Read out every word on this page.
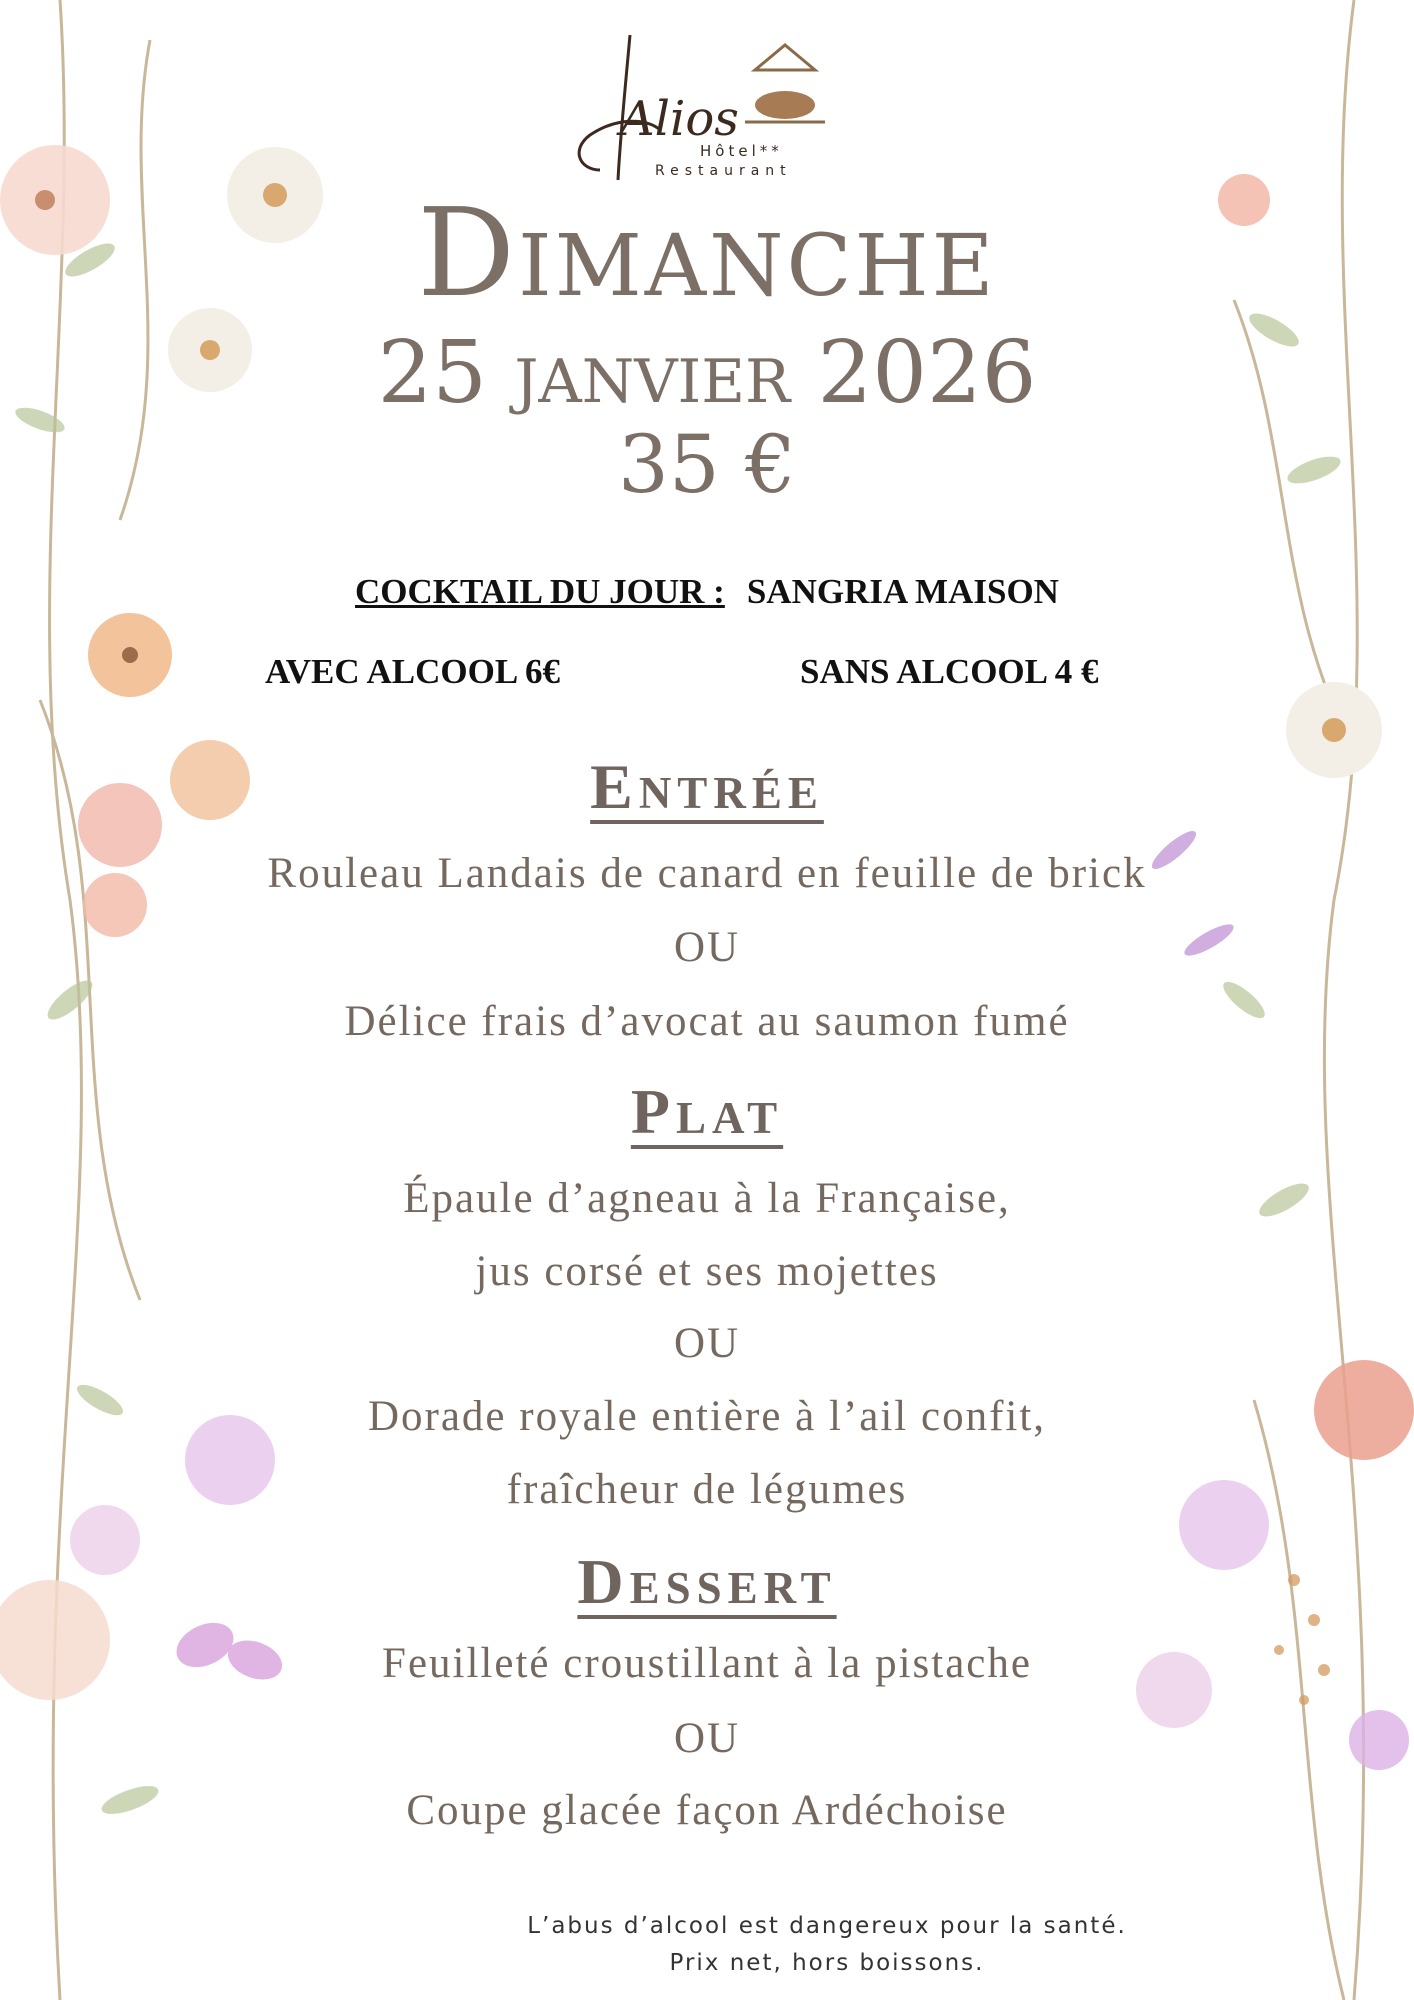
Alios
Hôtel**
Restaurant
Dimanche
25 janvier 2026
35 €
COCKTAIL DU JOUR : SANGRIA MAISON
AVEC ALCOOL 6€	SANS ALCOOL 4 €
Entrée
Rouleau Landais de canard en feuille de brick
OU
Délice frais d’avocat au saumon fumé
Plat
Épaule d’agneau à la Française,
jus corsé et ses mojettes
OU
Dorade royale entière à l’ail confit,
fraîcheur de légumes
Dessert
Feuilleté croustillant à la pistache
OU
Coupe glacée façon Ardéchoise
L’abus d’alcool est dangereux pour la santé.
Prix net, hors boissons.
